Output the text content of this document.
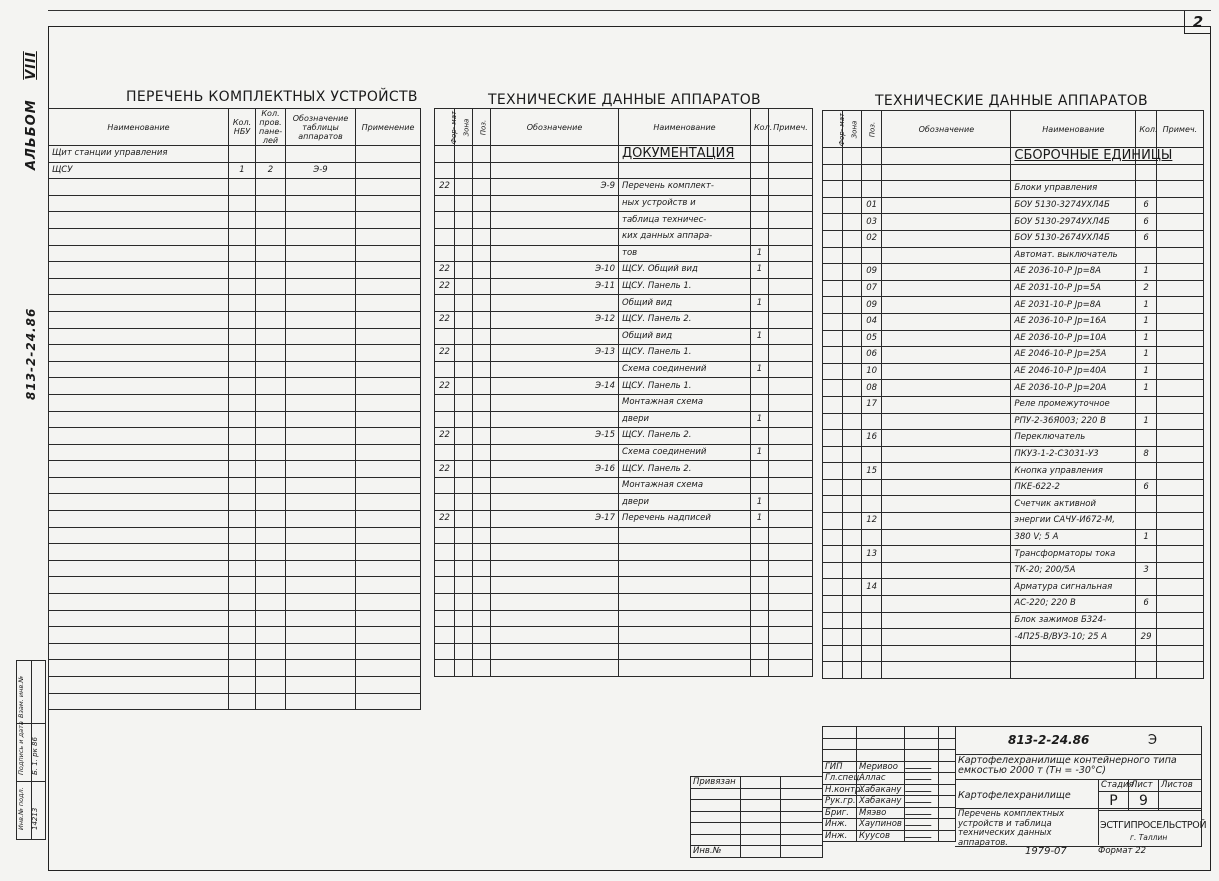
2
АЛЬБОМ VIII
813-2-24.86

Взам. инв.№
Подпись и дата
Инв.№ подл.
Б. 1. рк 86
14213
ПЕРЕЧЕНЬ КОМПЛЕКТНЫХ УСТРОЙСТВ	ТЕХНИЧЕСКИЕ ДАННЫЕ АППАРАТОВ	ТЕХНИЧЕСКИЕ ДАННЫЕ АППАРАТОВ
Наименование	Кол. НБУ	Кол. пров. пане- лей	Обозначение таблицы аппаратов	Применение
Щит станции управления				
ЩСУ	1	2	Э-9	

Фор- мат	Зона	Поз.	Обозначение	Наименование	Кол.	Примеч.
				ДОКУМЕНТАЦИЯ		

22			Э-9	Перечень комплект-		
				ных устройств и		
				таблица техничес-		
				ких данных аппара-		
				тов	1	
22			Э-10	ЩСУ. Общий вид	1	
22			Э-11	ЩСУ. Панель 1.		
				Общий вид	1	
22			Э-12	ЩСУ. Панель 2.		
				Общий вид	1	
22			Э-13	ЩСУ. Панель 1.		
				Схема соединений	1	
22			Э-14	ЩСУ. Панель 1.		
				Монтажная схема		
				двери	1	
22			Э-15	ЩСУ. Панель 2.		
				Схема соединений	1	
22			Э-16	ЩСУ. Панель 2.		
				Монтажная схема		
				двери	1	
22			Э-17	Перечень надписей	1	

Фор- мат	Зона	Поз.	Обозначение	Наименование	Кол.	Примеч.
				СБОРОЧНЫЕ ЕДИНИЦЫ		

				Блоки управления		
		01		БОУ 5130-3274УХЛ4Б	6	
		03		БОУ 5130-2974УХЛ4Б	6	
		02		БОУ 5130-2674УХЛ4Б	6	
				Автомат. выключатель		
		09		АЕ 2036-10-Р Jр=8А	1	
		07		АЕ 2031-10-Р Jр=5А	2	
		09		АЕ 2031-10-Р Jр=8А	1	
		04		АЕ 2036-10-Р Jр=16А	1	
		05		АЕ 2036-10-Р Jр=10А	1	
		06		АЕ 2046-10-Р Jр=25А	1	
		10		АЕ 2046-10-Р Jр=40А	1	
		08		АЕ 2036-10-Р Jр=20А	1	
		17		Реле промежуточное		
				РПУ-2-36Я003; 220 В	1	
		16		Переключатель		
				ПКУ3-1-2-С3031-У3	8	
		15		Кнопка управления		
				ПКЕ-622-2	6	
				Счетчик активной		
		12		энергии САЧУ-И672-М,		
				380 V; 5 А	1	
		13		Трансформаторы тока		
				ТК-20; 200/5А	3	
		14		Арматура сигнальная		
				АС-220; 220 В	6	
				Блок зажимов Б324-		
				-4П25-В/ВУЗ-10; 25 А	29	

Привязан		

Инв.№		

ГИП	Меривоо		
Гл.спец.	Аллас		
Н.контр.	Хабакану		
Рук.гр.	Хабакану		
Бриг.	Мяэво		
Инж.	Хаупинов		
Инж.	Куусов		
813-2-24.86	Э
Картофелехранилище контейнерного типа емкостью 2000 т (Тн = -30°С)
Картофелехранилище
Перечень комплектных устройств и таблица технических данных аппаратов.
Стадия	Лист	Листов
Р	9	
ЭСТГИПРОСЕЛЬСТРОЙ
г. Таллин
1979-07	Формат 22
